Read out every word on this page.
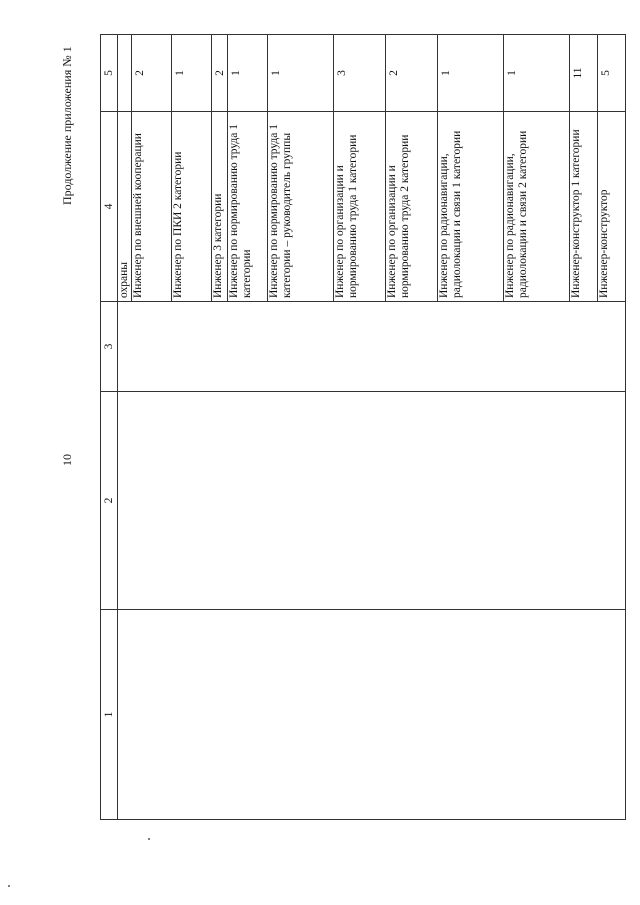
Продолжение приложения № 1
10
1	2	3	4	5
			охраны	
			Инженер по внешней кооперации	2
			Инженер по ПКИ 2 категории	1
			Инженер 3 категории	2
			Инженер по нормированию труда 1 категории	1
			Инженер по нормированию труда 1 категории – руководитель группы	1
			Инженер по организации и нормированию труда 1 категории	3
			Инженер по организации и нормированию труда 2 категории	2
			Инженер по радионавигации, радиолокации и связи 1 категории	1
			Инженер по радионавигации, радиолокации и связи 2 категории	1
			Инженер-конструктор 1 категории	11
			Инженер-конструктор	5
